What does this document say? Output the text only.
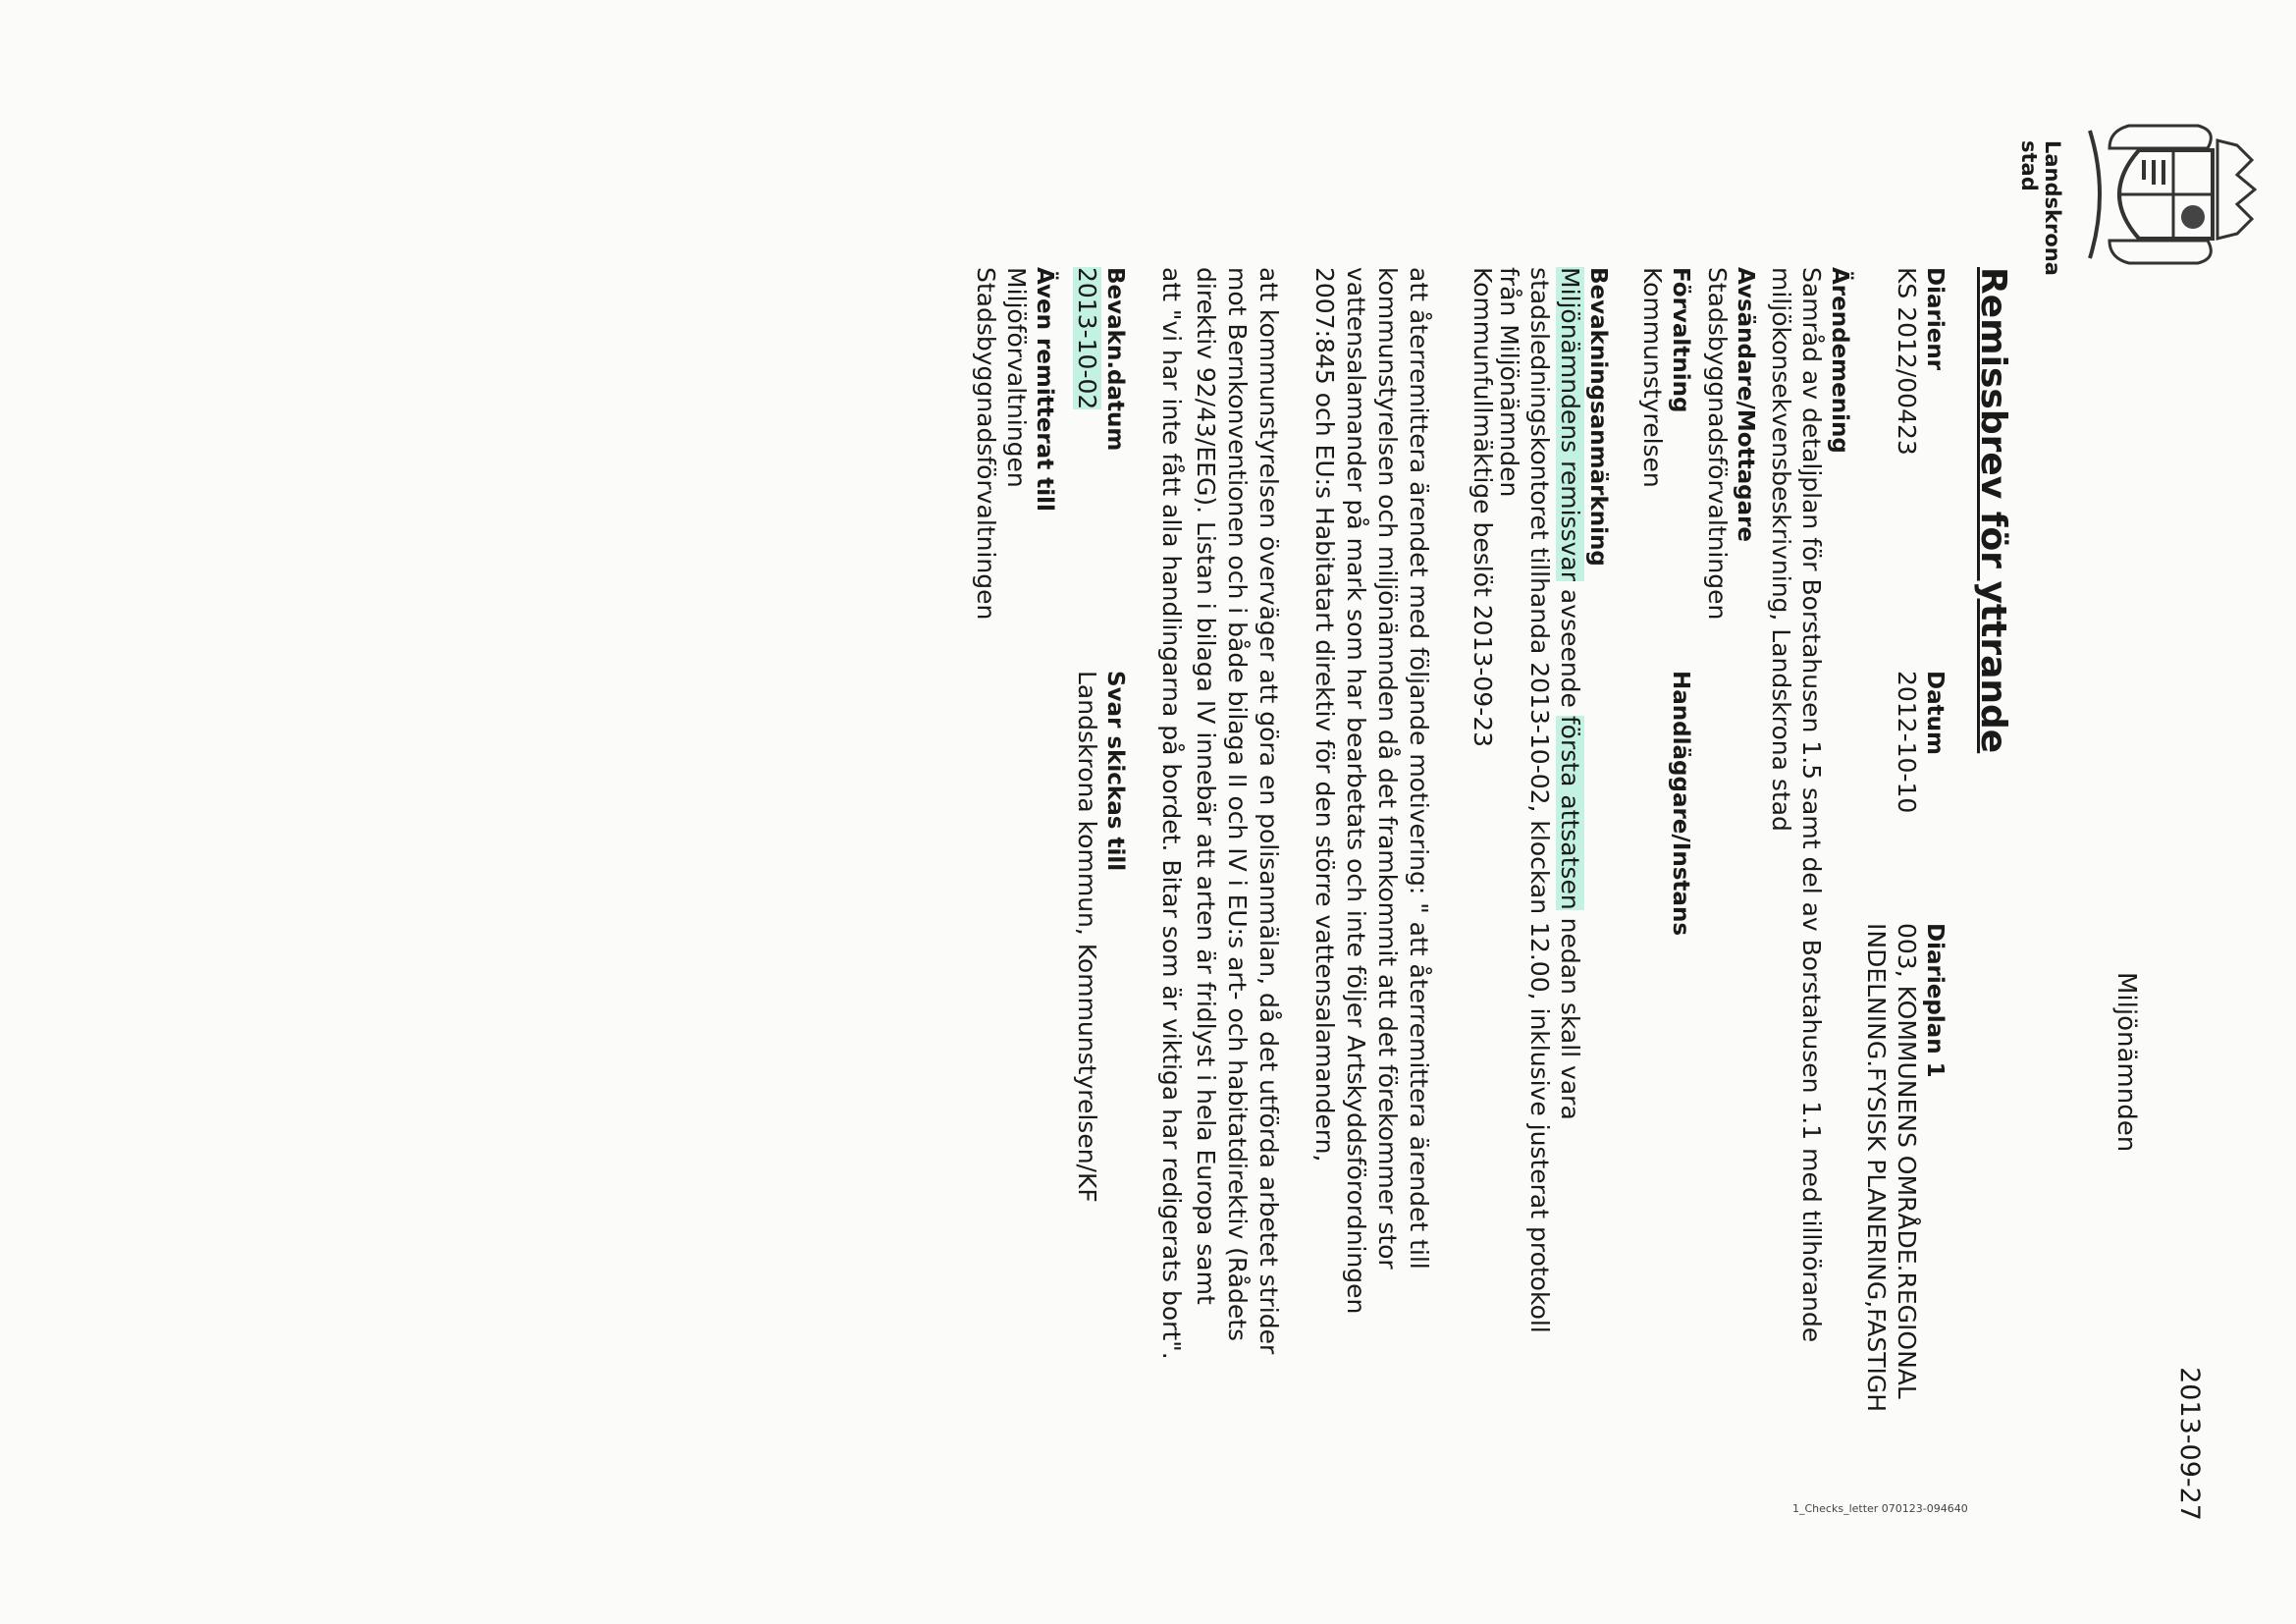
Landskrona stad
2013-09-27
Miljönämnden
Remissbrev för yttrande
Diarienr
KS 2012/00423
Datum
2012-10-10
Diarieplan 1
003, KOMMUNENS OMRÅDE.REGIONAL
INDELNING.FYSISK PLANERING,FASTIGH
Ärendemening
Samråd av detaljplan för Borstahusen 1.5 samt del av Borstahusen 1.1 med tillhörande
miljökonsekvensbeskrivning, Landskrona stad
Avsändare/Mottagare
Stadsbyggnadsförvaltningen
Förvaltning
Kommunstyrelsen
Handläggare/Instans
Bevakningsanmärkning
Miljönämndens remissvar avseende första attsatsen nedan skall vara
stadsledningskontoret tillhanda 2013-10-02, klockan 12.00, inklusive justerat protokoll
från Miljönämnden
Kommunfullmäktige beslöt 2013-09-23
att återremittera ärendet med följande motivering: " att återremittera ärendet till
kommunstyrelsen och miljönämnden då det framkommit att det förekommer stor
vattensalamander på mark som har bearbetats och inte följer Artskyddsförordningen
2007:845 och EU:s Habitatart direktiv för den större vattensalamandern,
att kommunstyrelsen överväger att göra en polisanmälan, då det utförda arbetet strider
mot Bernkonventionen och i både bilaga II och IV i EU:s art- och habitatdirektiv (Rådets
direktiv 92/43/EEG). Listan i bilaga IV innebär att arten är fridlyst i hela Europa samt
att "vi har inte fått alla handlingarna på bordet. Bitar som är viktiga har redigerats bort".
Bevakn.datum
2013-10-02
Svar skickas till
Landskrona kommun, Kommunstyrelsen/KF
Även remitterat till
Miljöförvaltningen
Stadsbyggnadsförvaltningen
1_Checks_letter 070123-094640
